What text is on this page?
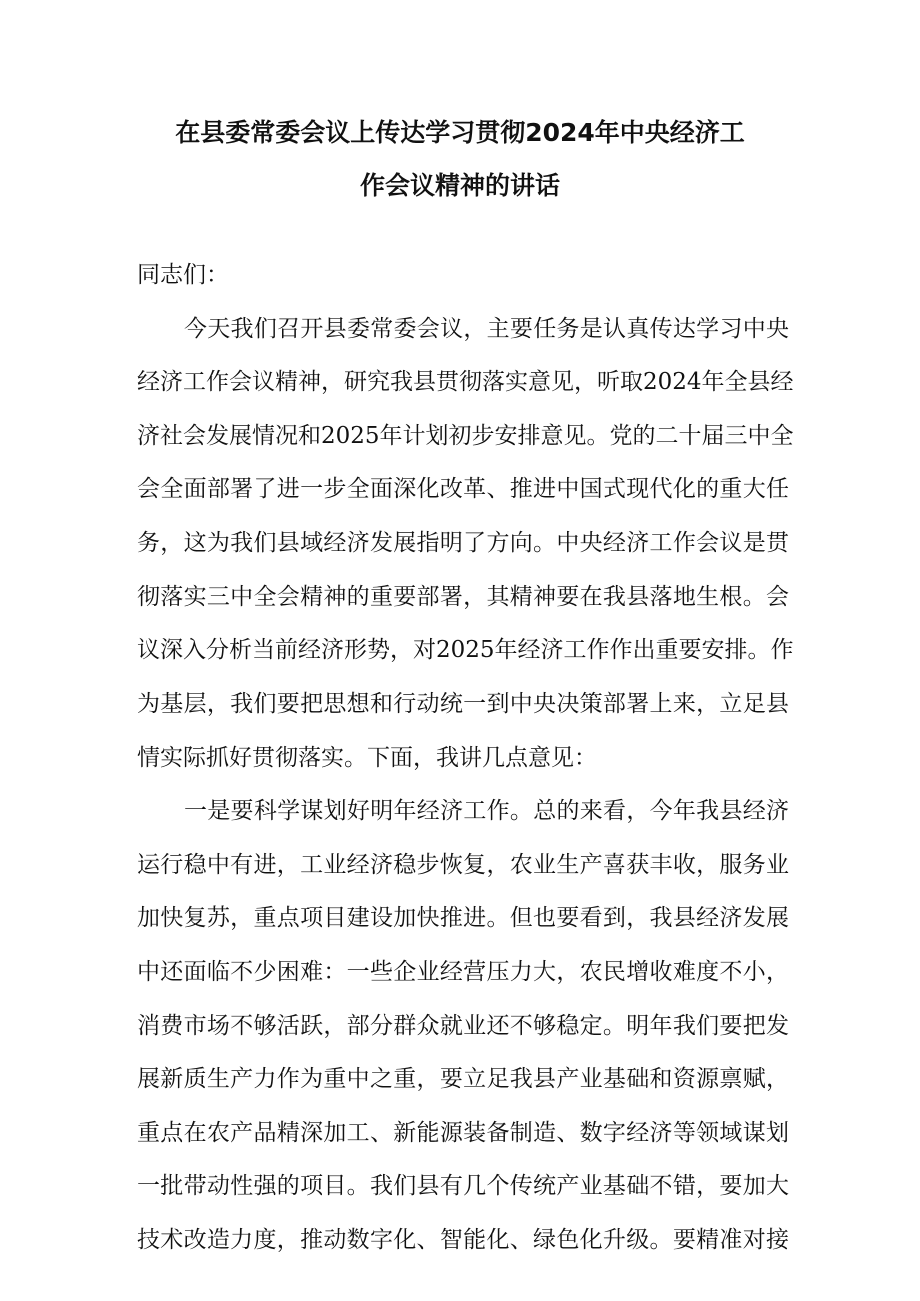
在县委常委会议上传达学习贯彻2024年中央经济工
作会议精神的讲话

同志们：

今天我们召开县委常委会议，主要任务是认真传达学习中央

经济工作会议精神，研究我县贯彻落实意见，听取2024年全县经

济社会发展情况和2025年计划初步安排意见。党的二十届三中全

会全面部署了进一步全面深化改革、推进中国式现代化的重大任

务，这为我们县域经济发展指明了方向。中央经济工作会议是贯

彻落实三中全会精神的重要部署，其精神要在我县落地生根。会

议深入分析当前经济形势，对2025年经济工作作出重要安排。作

为基层，我们要把思想和行动统一到中央决策部署上来，立足县

情实际抓好贯彻落实。下面，我讲几点意见：

一是要科学谋划好明年经济工作。总的来看，今年我县经济

运行稳中有进，工业经济稳步恢复，农业生产喜获丰收，服务业

加快复苏，重点项目建设加快推进。但也要看到，我县经济发展

中还面临不少困难：一些企业经营压力大，农民增收难度不小，

消费市场不够活跃，部分群众就业还不够稳定。明年我们要把发

展新质生产力作为重中之重，要立足我县产业基础和资源禀赋，

重点在农产品精深加工、新能源装备制造、数字经济等领域谋划

一批带动性强的项目。我们县有几个传统产业基础不错，要加大

技术改造力度，推动数字化、智能化、绿色化升级。要精准对接
